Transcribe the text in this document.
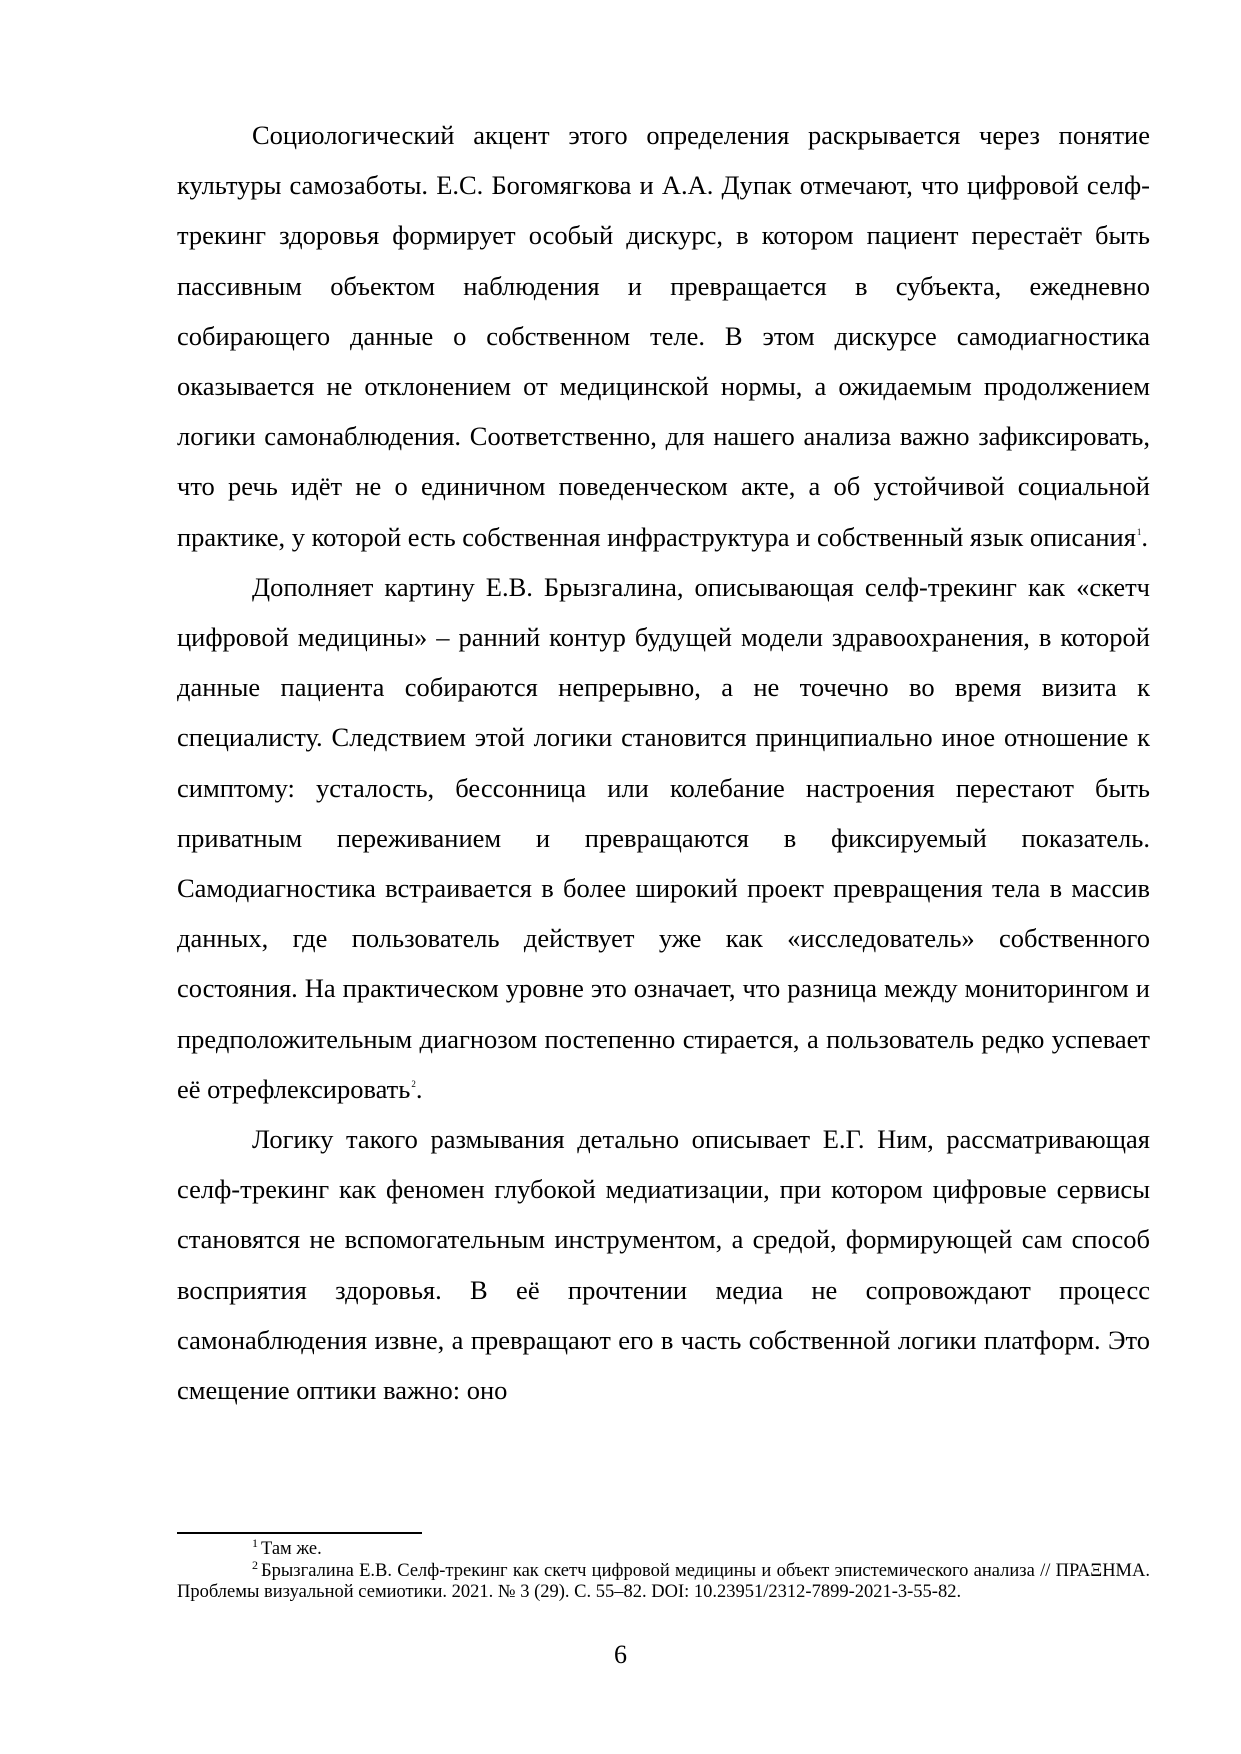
Социологический акцент этого определения раскрывается через понятие культуры самозаботы. Е.С. Богомягкова и А.А. Дупак отмечают, что цифровой селф-трекинг здоровья формирует особый дискурс, в котором пациент перестаёт быть пассивным объектом наблюдения и превращается в субъекта, ежедневно собирающего данные о собственном теле. В этом дискурсе самодиагностика оказывается не отклонением от медицинской нормы, а ожидаемым продолжением логики самонаблюдения. Соответственно, для нашего анализа важно зафиксировать, что речь идёт не о единичном поведенческом акте, а об устойчивой социальной практике, у которой есть собственная инфраструктура и собственный язык описания$^1$.

Дополняет картину Е.В. Брызгалина, описывающая селф-трекинг как «скетч цифровой медицины» – ранний контур будущей модели здравоохранения, в которой данные пациента собираются непрерывно, а не точечно во время визита к специалисту. Следствием этой логики становится принципиально иное отношение к симптому: усталость, бессонница или колебание настроения перестают быть приватным переживанием и превращаются в фиксируемый показатель. Самодиагностика встраивается в более широкий проект превращения тела в массив данных, где пользователь действует уже как «исследователь» собственного состояния. На практическом уровне это означает, что разница между мониторингом и предположительным диагнозом постепенно стирается, а пользователь редко успевает её отрефлексировать$^2$.

Логику такого размывания детально описывает Е.Г. Ним, рассматривающая селф-трекинг как феномен глубокой медиатизации, при котором цифровые сервисы становятся не вспомогательным инструментом, а средой, формирующей сам способ восприятия здоровья. В её прочтении медиа не сопровождают процесс самонаблюдения извне, а превращают его в часть собственной логики платформ. Это смещение оптики важно: оно

$^1$ Там же.

$^2$ Брызгалина Е.В. Селф-трекинг как скетч цифровой медицины и объект эпистемического анализа // ПРАΞНМА. Проблемы визуальной семиотики. 2021. № 3 (29). С. 55–82. DOI: 10.23951/2312-7899-2021-3-55-82.

6
